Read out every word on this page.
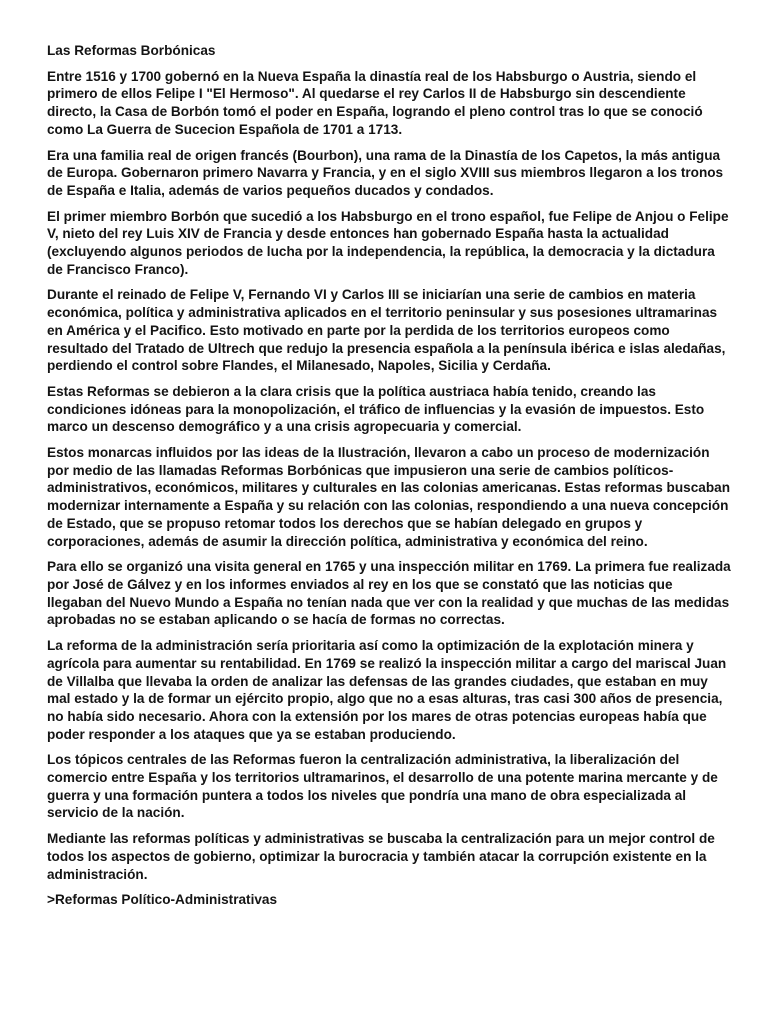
Las Reformas Borbónicas

Entre 1516 y 1700 gobernó en la Nueva España la dinastía real de los Habsburgo o Austria, siendo el primero de ellos Felipe I "El Hermoso". Al quedarse el rey Carlos II de Habsburgo sin descendiente directo, la Casa de Borbón tomó el poder en España, logrando el pleno control tras lo que se conoció como La Guerra de Sucecion Española de 1701 a 1713.

Era una familia real de origen francés (Bourbon), una rama de la Dinastía de los Capetos, la más antigua de Europa. Gobernaron primero Navarra y Francia, y en el siglo XVIII sus miembros llegaron a los tronos de España e Italia, además de varios pequeños ducados y condados.

El primer miembro Borbón que sucedió a los Habsburgo en el trono español, fue Felipe de Anjou o Felipe V, nieto del rey Luis XIV de Francia y desde entonces han gobernado España hasta la actualidad (excluyendo algunos periodos de lucha por la independencia, la república, la democracia y la dictadura de Francisco Franco).

Durante el reinado de Felipe V, Fernando VI y Carlos III se iniciarían una serie de cambios en materia económica, política y administrativa aplicados en el territorio peninsular y sus posesiones ultramarinas en América y el Pacifico. Esto motivado en parte por la perdida de los territorios europeos como resultado del Tratado de Ultrech que redujo la presencia española a la península ibérica e islas aledañas, perdiendo el control sobre Flandes, el Milanesado, Napoles, Sicilia y Cerdaña.

Estas Reformas se debieron a la clara crisis que la política austriaca había tenido, creando las condiciones idóneas para la monopolización, el tráfico de influencias y la evasión de impuestos. Esto marco un descenso demográfico y a una crisis agropecuaria y comercial.

Estos monarcas influidos por las ideas de la Ilustración, llevaron a cabo un proceso de modernización por medio de las llamadas Reformas Borbónicas que impusieron una serie de cambios políticos- administrativos, económicos, militares y culturales en las colonias americanas. Estas reformas buscaban modernizar internamente a España y su relación con las colonias, respondiendo a una nueva concepción de Estado, que se propuso retomar todos los derechos que se habían delegado en grupos y corporaciones, además de asumir la dirección política, administrativa y económica del reino.

Para ello se organizó una visita general en 1765 y una inspección militar en 1769. La primera fue realizada por José de Gálvez y en los informes enviados al rey en los que se constató que las noticias que llegaban del Nuevo Mundo a España no tenían nada que ver con la realidad y que muchas de las medidas aprobadas no se estaban aplicando o se hacía de formas no correctas.

La reforma de la administración sería prioritaria así como la optimización de la explotación minera y agrícola para aumentar su rentabilidad. En 1769 se realizó la inspección militar a cargo del mariscal Juan de Villalba que llevaba la orden de analizar las defensas de las grandes ciudades, que estaban en muy mal estado y la de formar un ejército propio, algo que no a esas alturas, tras casi 300 años de presencia, no había sido necesario. Ahora con la extensión por los mares de otras potencias europeas había que poder responder a los ataques que ya se estaban produciendo.

Los tópicos centrales de las Reformas fueron la centralización administrativa, la liberalización del comercio entre España y los territorios ultramarinos, el desarrollo de una potente marina mercante y de guerra y una formación puntera a todos los niveles que pondría una mano de obra especializada al servicio de la nación.

Mediante las reformas políticas y administrativas se buscaba la centralización para un mejor control de todos los aspectos de gobierno, optimizar la burocracia y también atacar la corrupción existente en la administración.

>Reformas Político-Administrativas
